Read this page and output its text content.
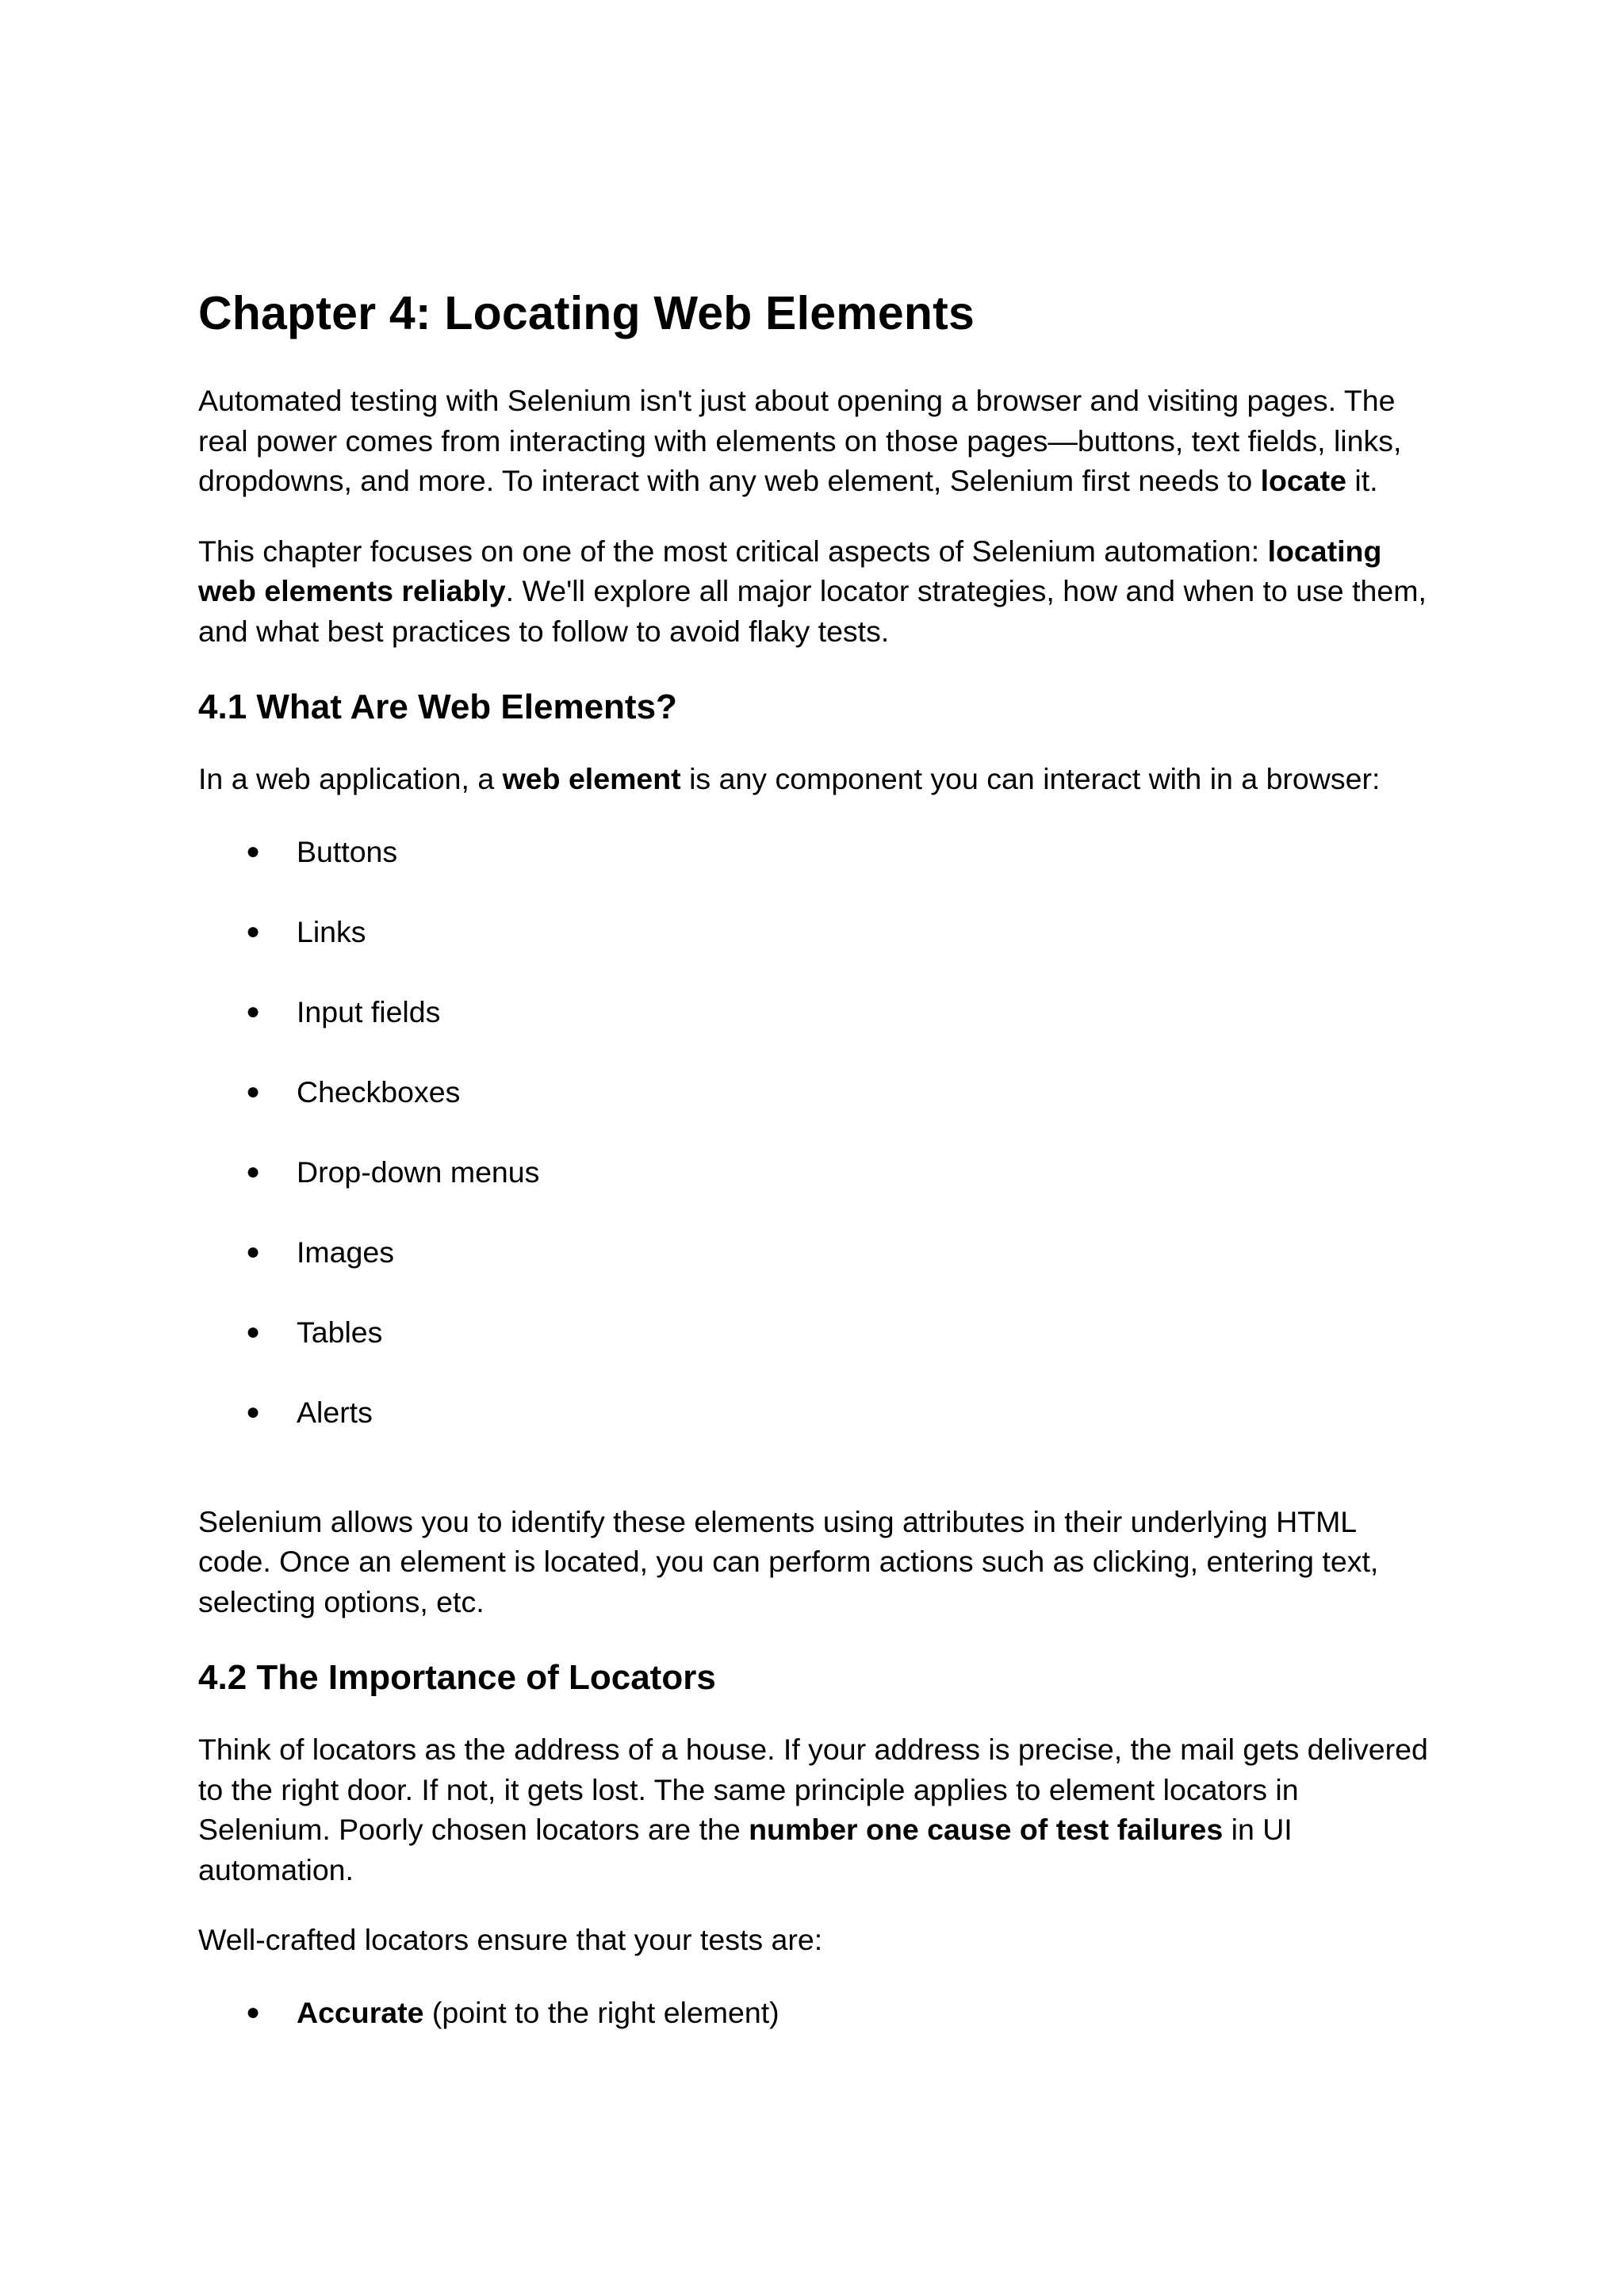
Chapter 4: Locating Web Elements

Automated testing with Selenium isn't just about opening a browser and visiting pages. The real power comes from interacting with elements on those pages—buttons, text fields, links, dropdowns, and more. To interact with any web element, Selenium first needs to locate it.

This chapter focuses on one of the most critical aspects of Selenium automation: locating web elements reliably. We'll explore all major locator strategies, how and when to use them, and what best practices to follow to avoid flaky tests.

4.1 What Are Web Elements?

In a web application, a web element is any component you can interact with in a browser:

● Buttons
● Links
● Input fields
● Checkboxes
● Drop-down menus
● Images
● Tables
● Alerts

Selenium allows you to identify these elements using attributes in their underlying HTML code. Once an element is located, you can perform actions such as clicking, entering text, selecting options, etc.

4.2 The Importance of Locators

Think of locators as the address of a house. If your address is precise, the mail gets delivered to the right door. If not, it gets lost. The same principle applies to element locators in Selenium. Poorly chosen locators are the number one cause of test failures in UI automation.

Well-crafted locators ensure that your tests are:

● Accurate (point to the right element)
